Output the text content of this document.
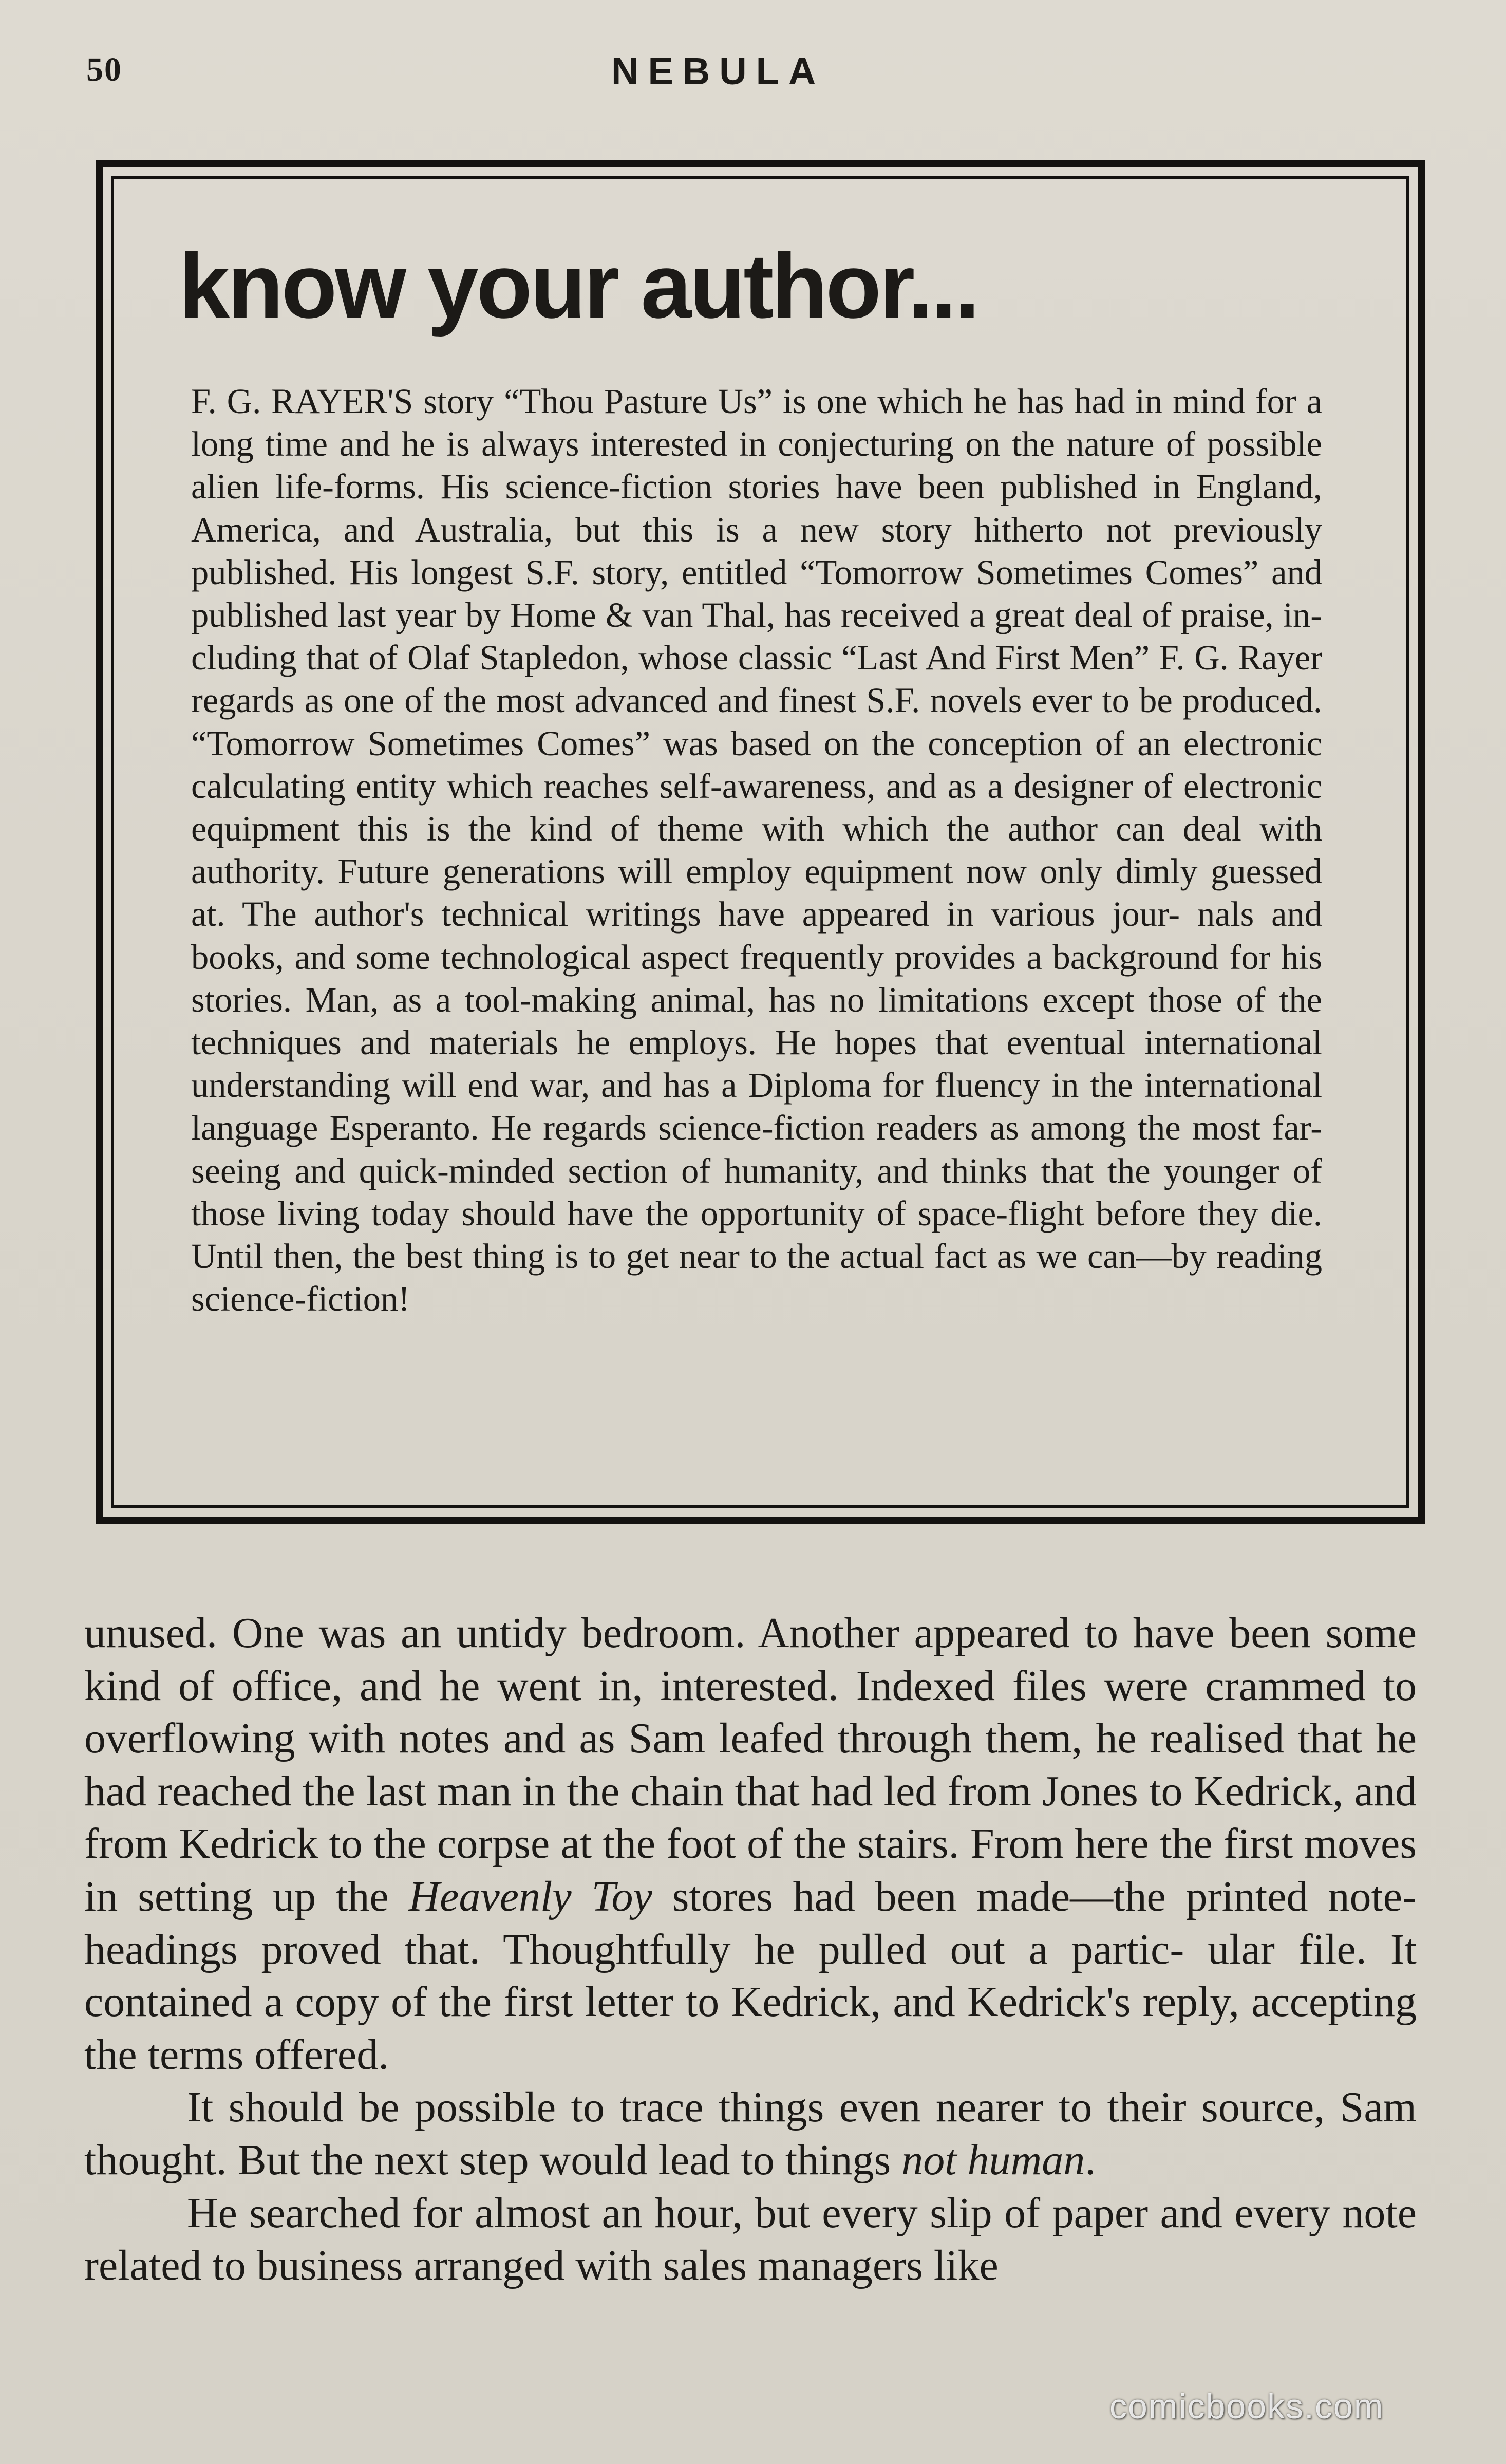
50	NEBULA
know your author...
F. G. RAYER'S story “Thou Pasture Us” is one which he has had in mind for a long time and he is always interested in conjecturing on the nature of possible alien life-forms. His science-fiction stories have been published in England, America, and Australia, but this is a new story hitherto not previously published. His longest S.F. story, entitled “Tomorrow Sometimes Comes” and published last year by Home & van Thal, has received a great deal of praise, in- cluding that of Olaf Stapledon, whose classic “Last And First Men” F. G. Rayer regards as one of the most advanced and finest S.F. novels ever to be produced. “Tomorrow Sometimes Comes” was based on the conception of an electronic calculating entity which reaches self-awareness, and as a designer of electronic equipment this is the kind of theme with which the author can deal with authority. Future generations will employ equipment now only dimly guessed at. The author's technical writings have appeared in various jour- nals and books, and some technological aspect frequently provides a background for his stories. Man, as a tool-making animal, has no limitations except those of the techniques and materials he employs. He hopes that eventual international understanding will end war, and has a Diploma for fluency in the international language Esperanto. He regards science-fiction readers as among the most far-seeing and quick-minded section of humanity, and thinks that the younger of those living today should have the opportunity of space-flight before they die. Until then, the best thing is to get near to the actual fact as we can—by reading science-fiction!

unused. One was an untidy bedroom. Another appeared to have been some kind of office, and he went in, interested. Indexed files were crammed to overflowing with notes and as Sam leafed through them, he realised that he had reached the last man in the chain that had led from Jones to Kedrick, and from Kedrick to the corpse at the foot of the stairs. From here the first moves in setting up the Heavenly Toy stores had been made—the printed note-headings proved that. Thoughtfully he pulled out a partic- ular file. It contained a copy of the first letter to Kedrick, and Kedrick's reply, accepting the terms offered.

It should be possible to trace things even nearer to their source, Sam thought. But the next step would lead to things not human.

He searched for almost an hour, but every slip of paper and every note related to business arranged with sales managers like

comicbooks.com
